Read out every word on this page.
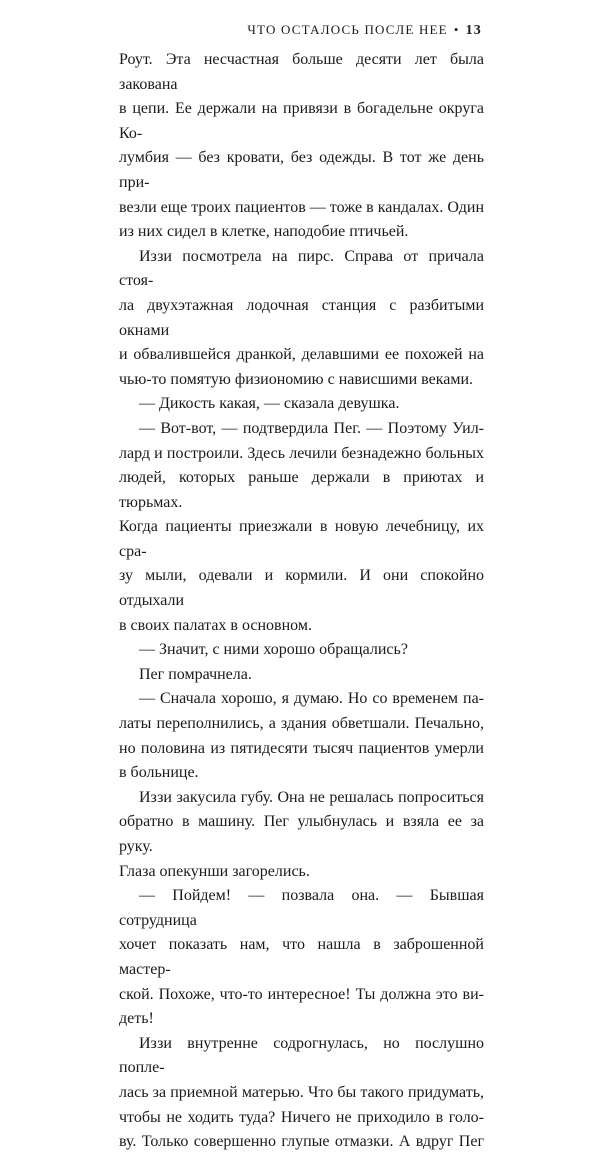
ЧТО ОСТАЛОСЬ ПОСЛЕ НЕЕ • 13
Роут. Эта несчастная больше десяти лет была закована
в цепи. Ее держали на привязи в богадельне округа Ко-
лумбия — без кровати, без одежды. В тот же день при-
везли еще троих пациентов — тоже в кандалах. Один
из них сидел в клетке, наподобие птичьей.
Иззи посмотрела на пирс. Справа от причала стоя-
ла двухэтажная лодочная станция с разбитыми окнами
и обвалившейся дранкой, делавшими ее похожей на
чью-то помятую физиономию с нависшими веками.
— Дикость какая, — сказала девушка.
— Вот-вот, — подтвердила Пег. — Поэтому Уил-
лард и построили. Здесь лечили безнадежно больных
людей, которых раньше держали в приютах и тюрьмах.
Когда пациенты приезжали в новую лечебницу, их сра-
зу мыли, одевали и кормили. И они спокойно отдыхали
в своих палатах в основном.
— Значит, с ними хорошо обращались?
Пег помрачнела.
— Сначала хорошо, я думаю. Но со временем па-
латы переполнились, а здания обветшали. Печально,
но половина из пятидесяти тысяч пациентов умерли
в больнице.
Иззи закусила губу. Она не решалась попроситься
обратно в машину. Пег улыбнулась и взяла ее за руку.
Глаза опекунши загорелись.
— Пойдем! — позвала она. — Бывшая сотрудница
хочет показать нам, что нашла в заброшенной мастер-
ской. Похоже, что-то интересное! Ты должна это ви-
деть!
Иззи внутренне содрогнулась, но послушно попле-
лась за приемной матерью. Что бы такого придумать,
чтобы не ходить туда? Ничего не приходило в голо-
ву. Только совершенно глупые отмазки. А вдруг Пег
